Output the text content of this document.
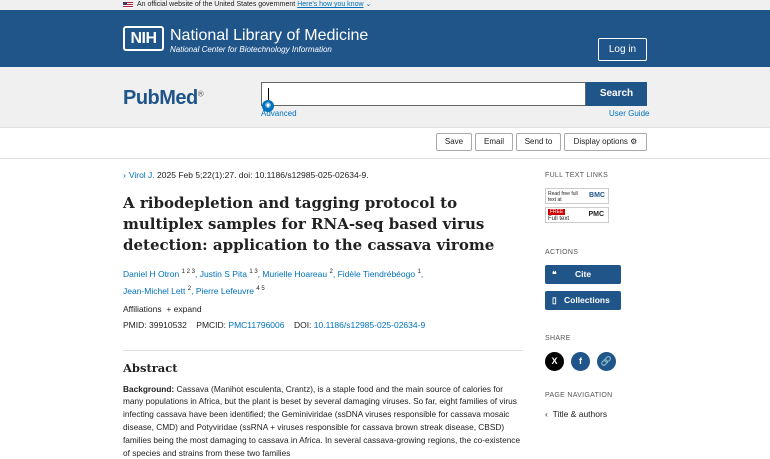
An official website of the United States government Here's how you know ⌄
NIH National Library of Medicine
National Center for Biotechnology Information	Log in
PubMed®	Search
◉
Advanced	User Guide
Save	Email	Send to	Display options ⚙
› Virol J. 2025 Feb 5;22(1):27. doi: 10.1186/s12985-025-02634-9.
A ribodepletion and tagging protocol to multiplex samples for RNA-seq based virus detection: application to the cassava virome
Daniel H Otron $^{1 2 3}$, Justin S Pita $^{1 3}$, Murielle Hoareau $^2$, Fidèle Tiendrébéogo $^1$,
Jean-Michel Lett $^2$, Pierre Lefeuvre $^{4 5}$
Affiliations + expand
PMID: 39910532 PMCID: PMC11796006 DOI: 10.1186/s12985-025-02634-9
Abstract
Background: Cassava (Manihot esculenta, Crantz), is a staple food and the main source of calories for many populations in Africa, but the plant is beset by several damaging viruses. So far, eight families of virus infecting cassava have been identified; the Geminiviridae (ssDNA viruses responsible for cassava mosaic disease, CMD) and Potyviridae (ssRNA + viruses responsible for cassava brown streak disease, CBSD) families being the most damaging to cassava in Africa. In several cassava-growing regions, the co-existence of species and strains from these two families
FULL TEXT LINKS
Read free full text at
BMC
FREE
Full text
PMC
ACTIONS
❝ Cite
▯ Collections
SHARE
X	f	🔗
PAGE NAVIGATION
‹ Title & authors
